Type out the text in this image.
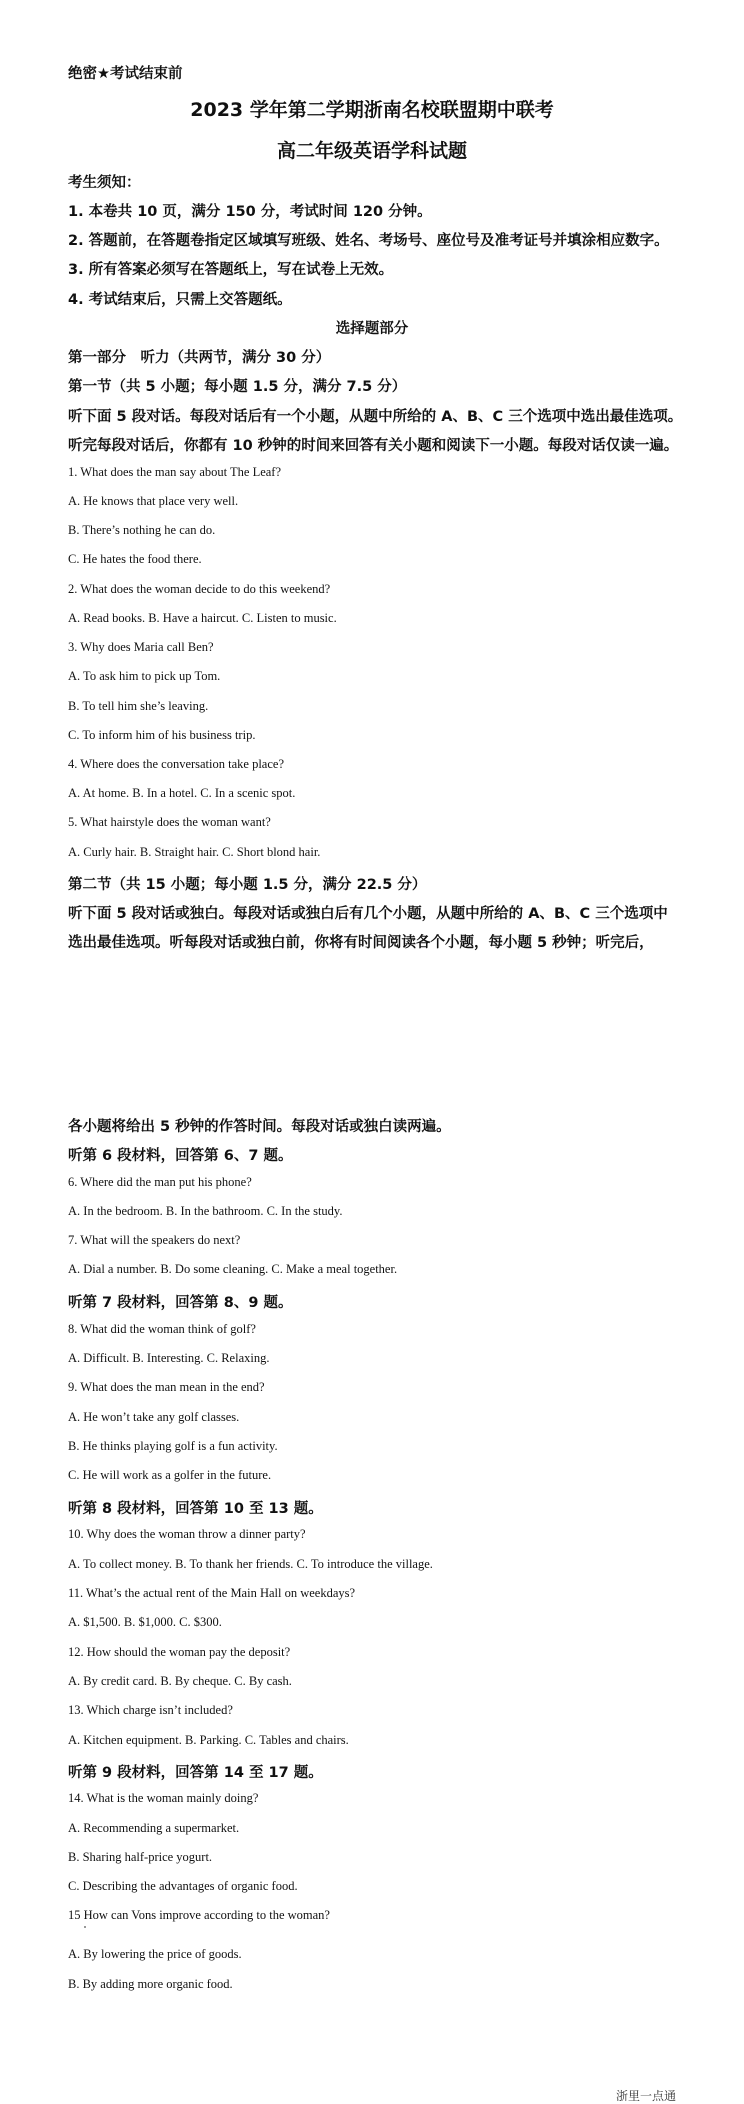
绝密★考试结束前
2023 学年第二学期浙南名校联盟期中联考
高二年级英语学科试题
考生须知：
1. 本卷共 10 页，满分 150 分，考试时间 120 分钟。
2. 答题前，在答题卷指定区域填写班级、姓名、考场号、座位号及准考证号并填涂相应数字。
3. 所有答案必须写在答题纸上，写在试卷上无效。
4. 考试结束后，只需上交答题纸。
选择题部分
第一部分　听力（共两节，满分 30 分）
第一节（共 5 小题；每小题 1.5 分，满分 7.5 分）
听下面 5 段对话。每段对话后有一个小题，从题中所给的 A、B、C 三个选项中选出最佳选项。
听完每段对话后，你都有 10 秒钟的时间来回答有关小题和阅读下一小题。每段对话仅读一遍。
1. What does the man say about The Leaf?
A. He knows that place very well.
B. There’s nothing he can do.
C. He hates the food there.
2. What does the woman decide to do this weekend?
A. Read books. B. Have a haircut. C. Listen to music.
3. Why does Maria call Ben?
A. To ask him to pick up Tom.
B. To tell him she’s leaving.
C. To inform him of his business trip.
4. Where does the conversation take place?
A. At home. B. In a hotel. C. In a scenic spot.
5. What hairstyle does the woman want?
A. Curly hair. B. Straight hair. C. Short blond hair.
第二节（共 15 小题；每小题 1.5 分，满分 22.5 分）
听下面 5 段对话或独白。每段对话或独白后有几个小题，从题中所给的 A、B、C 三个选项中
选出最佳选项。听每段对话或独白前，你将有时间阅读各个小题，每小题 5 秒钟；听完后，
各小题将给出 5 秒钟的作答时间。每段对话或独白读两遍。
听第 6 段材料，回答第 6、7 题。
6. Where did the man put his phone?
A. In the bedroom. B. In the bathroom. C. In the study.
7. What will the speakers do next?
A. Dial a number. B. Do some cleaning. C. Make a meal together.
听第 7 段材料，回答第 8、9 题。
8. What did the woman think of golf?
A. Difficult. B. Interesting. C. Relaxing.
9. What does the man mean in the end?
A. He won’t take any golf classes.
B. He thinks playing golf is a fun activity.
C. He will work as a golfer in the future.
听第 8 段材料，回答第 10 至 13 题。
10. Why does the woman throw a dinner party?
A. To collect money. B. To thank her friends. C. To introduce the village.
11. What’s the actual rent of the Main Hall on weekdays?
A. $1,500. B. $1,000. C. $300.
12. How should the woman pay the deposit?
A. By credit card. B. By cheque. C. By cash.
13. Which charge isn’t included?
A. Kitchen equipment. B. Parking. C. Tables and chairs.
听第 9 段材料，回答第 14 至 17 题。
14. What is the woman mainly doing?
A. Recommending a supermarket.
B. Sharing half-price yogurt.
C. Describing the advantages of organic food.
15 How can Vons improve according to the woman?
A. By lowering the price of goods.
B. By adding more organic food.
浙里一点通
